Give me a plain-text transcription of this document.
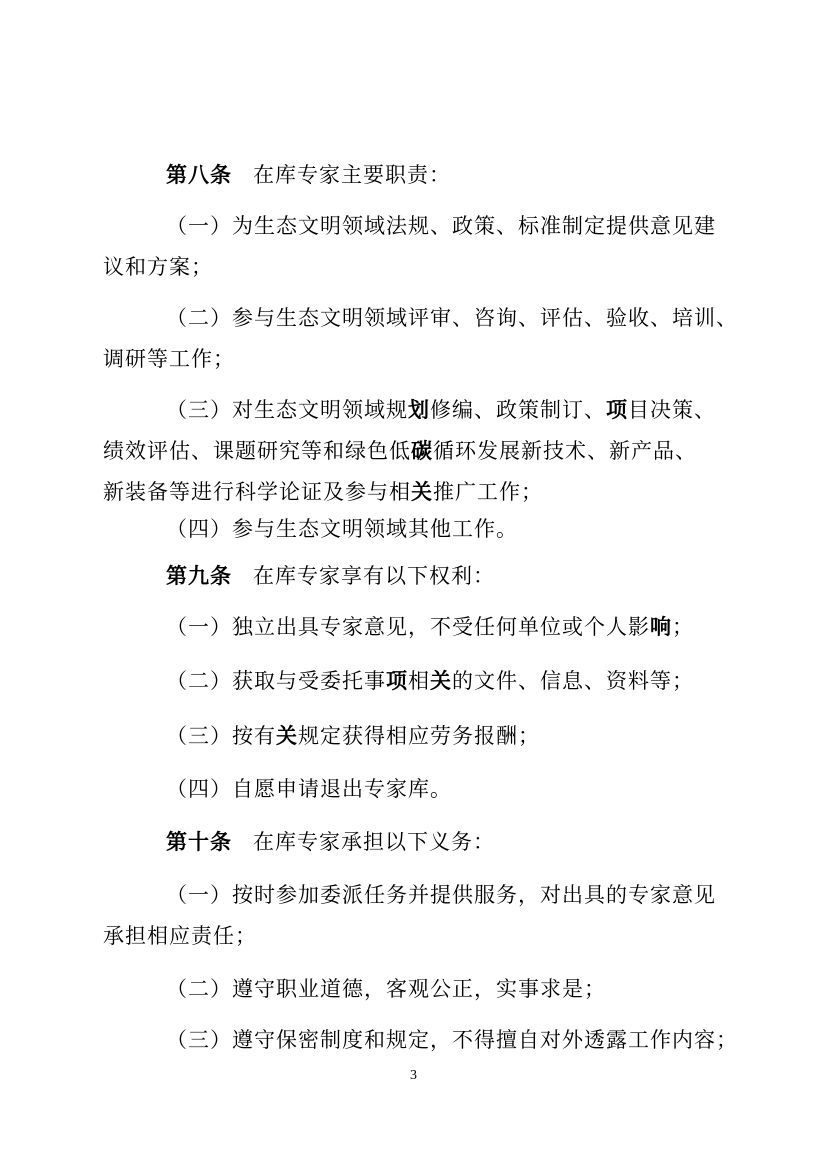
第八条 在库专家主要职责：

（一）为生态文明领域法规、政策、标准制定提供意见建
议和方案；

（二）参与生态文明领域评审、咨询、评估、验收、培训、
调研等工作；

（三）对生态文明领域规划修编、政策制订、项目决策、
绩效评估、课题研究等和绿色低碳循环发展新技术、新产品、
新装备等进行科学论证及参与相关推广工作；

（四）参与生态文明领域其他工作。

第九条 在库专家享有以下权利：

（一）独立出具专家意见，不受任何单位或个人影响；

（二）获取与受委托事项相关的文件、信息、资料等；

（三）按有关规定获得相应劳务报酬；

（四）自愿申请退出专家库。

第十条 在库专家承担以下义务：

（一）按时参加委派任务并提供服务，对出具的专家意见
承担相应责任；

（二）遵守职业道德，客观公正，实事求是；

（三）遵守保密制度和规定，不得擅自对外透露工作内容；

3
